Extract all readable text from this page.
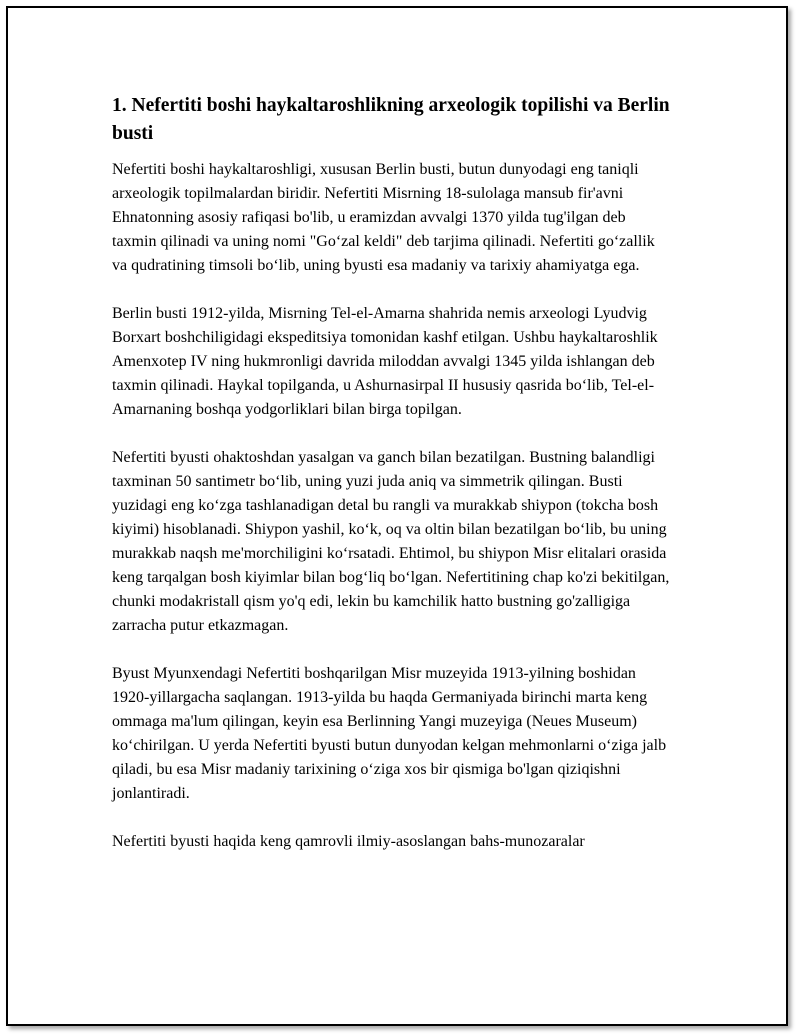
1. Nefertiti boshi haykaltaroshlikning arxeologik topilishi va Berlin busti

Nefertiti boshi haykaltaroshligi, xususan Berlin busti, butun dunyodagi eng taniqli arxeologik topilmalardan biridir. Nefertiti Misrning 18-sulolaga mansub fir'avni Ehnatonning asosiy rafiqasi bo'lib, u eramizdan avvalgi 1370 yilda tug'ilgan deb taxmin qilinadi va uning nomi "Go‘zal keldi" deb tarjima qilinadi. Nefertiti go‘zallik va qudratining timsoli bo‘lib, uning byusti esa madaniy va tarixiy ahamiyatga ega.

Berlin busti 1912-yilda, Misrning Tel-el-Amarna shahrida nemis arxeologi Lyudvig Borxart boshchiligidagi ekspeditsiya tomonidan kashf etilgan. Ushbu haykaltaroshlik Amenxotep IV ning hukmronligi davrida miloddan avvalgi 1345 yilda ishlangan deb taxmin qilinadi. Haykal topilganda, u Ashurnasirpal II hususiy qasrida bo‘lib, Tel-el-Amarnaning boshqa yodgorliklari bilan birga topilgan.

Nefertiti byusti ohaktoshdan yasalgan va ganch bilan bezatilgan. Bustning balandligi taxminan 50 santimetr bo‘lib, uning yuzi juda aniq va simmetrik qilingan. Busti yuzidagi eng ko‘zga tashlanadigan detal bu rangli va murakkab shiypon (tokcha bosh kiyimi) hisoblanadi. Shiypon yashil, ko‘k, oq va oltin bilan bezatilgan bo‘lib, bu uning murakkab naqsh me'morchiligini ko‘rsatadi. Ehtimol, bu shiypon Misr elitalari orasida keng tarqalgan bosh kiyimlar bilan bog‘liq bo‘lgan. Nefertitining chap ko'zi bekitilgan, chunki modakristall qism yo'q edi, lekin bu kamchilik hatto bustning go'zalligiga zarracha putur etkazmagan.

Byust Myunxendagi Nefertiti boshqarilgan Misr muzeyida 1913-yilning boshidan 1920-yillargacha saqlangan. 1913-yilda bu haqda Germaniyada birinchi marta keng ommaga ma'lum qilingan, keyin esa Berlinning Yangi muzeyiga (Neues Museum) ko‘chirilgan. U yerda Nefertiti byusti butun dunyodan kelgan mehmonlarni o‘ziga jalb qiladi, bu esa Misr madaniy tarixining o‘ziga xos bir qismiga bo'lgan qiziqishni jonlantiradi.

Nefertiti byusti haqida keng qamrovli ilmiy-asoslangan bahs-munozaralar
